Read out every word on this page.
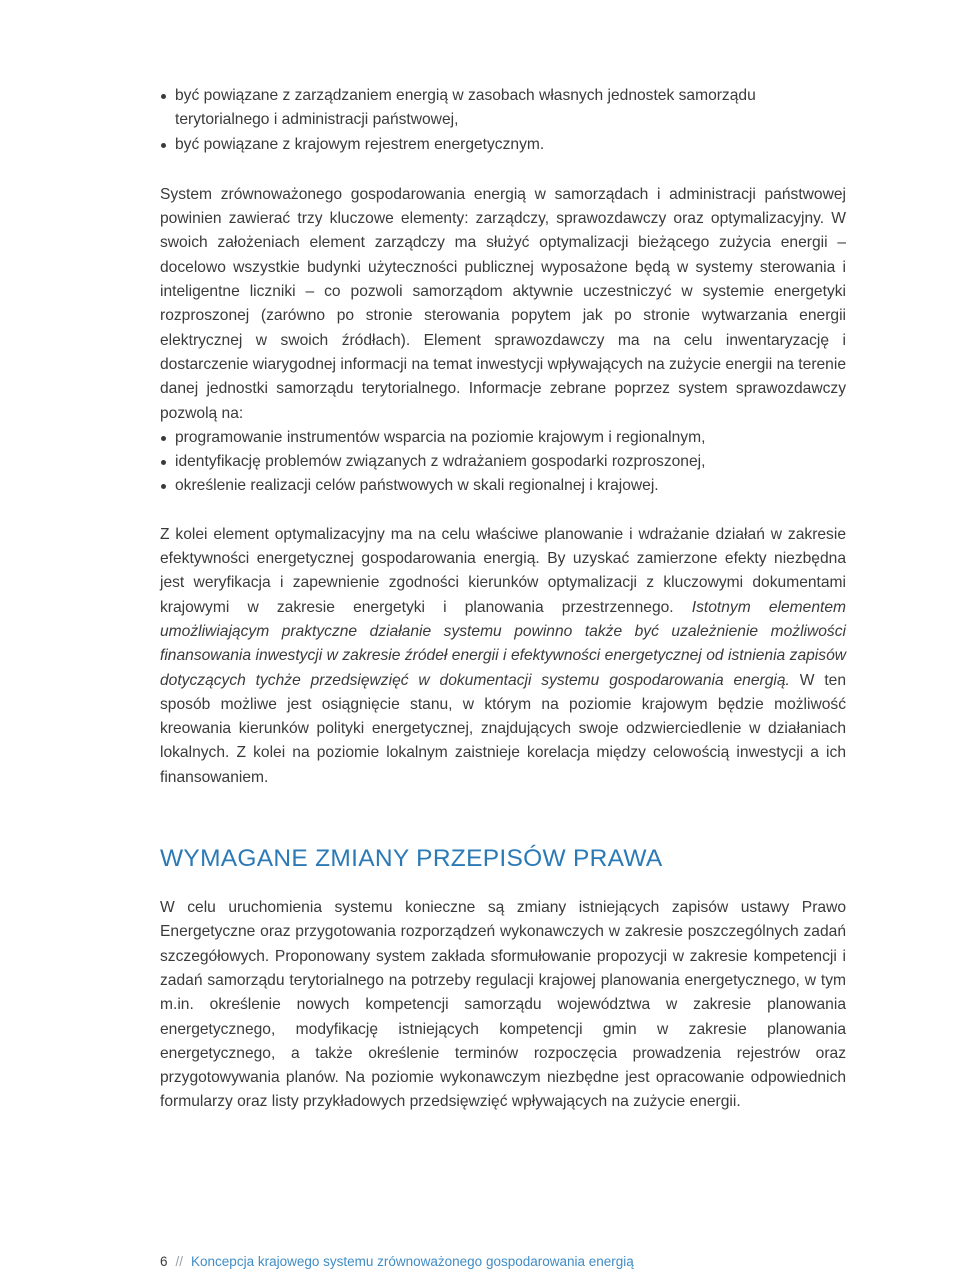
być powiązane z zarządzaniem energią w zasobach własnych jednostek samorządu terytorialnego i administracji państwowej,
być powiązane z krajowym rejestrem energetycznym.

System zrównoważonego gospodarowania energią w samorządach i administracji państwowej powinien zawierać trzy kluczowe elementy: zarządczy, sprawozdawczy oraz optymalizacyjny. W swoich założeniach element zarządczy ma służyć optymalizacji bieżącego zużycia energii – docelowo wszystkie budynki użyteczności publicznej wyposażone będą w systemy sterowania i inteligentne liczniki – co pozwoli samorządom aktywnie uczestniczyć w systemie energetyki rozproszonej (zarówno po stronie sterowania popytem jak po stronie wytwarzania energii elektrycznej w swoich źródłach). Element sprawozdawczy ma na celu inwentaryzację i dostarczenie wiarygodnej informacji na temat inwestycji wpływających na zużycie energii na terenie danej jednostki samorządu terytorialnego. Informacje zebrane poprzez system sprawozdawczy pozwolą na:

programowanie instrumentów wsparcia na poziomie krajowym i regionalnym,
identyfikację problemów związanych z wdrażaniem gospodarki rozproszonej,
określenie realizacji celów państwowych w skali regionalnej i krajowej.

Z kolei element optymalizacyjny ma na celu właściwe planowanie i wdrażanie działań w zakresie efektywności energetycznej gospodarowania energią. By uzyskać zamierzone efekty niezbędna jest weryfikacja i zapewnienie zgodności kierunków optymalizacji z kluczowymi dokumentami krajowymi w zakresie energetyki i planowania przestrzennego. Istotnym elementem umożliwiającym praktyczne działanie systemu powinno także być uzależnienie możliwości finansowania inwestycji w zakresie źródeł energii i efektywności energetycznej od istnienia zapisów dotyczących tychże przedsięwzięć w dokumentacji systemu gospodarowania energią. W ten sposób możliwe jest osiągnięcie stanu, w którym na poziomie krajowym będzie możliwość kreowania kierunków polityki energetycznej, znajdujących swoje odzwierciedlenie w działaniach lokalnych. Z kolei na poziomie lokalnym zaistnieje korelacja między celowością inwestycji a ich finansowaniem.

WYMAGANE ZMIANY PRZEPISÓW PRAWA

W celu uruchomienia systemu konieczne są zmiany istniejących zapisów ustawy Prawo Energetyczne oraz przygotowania rozporządzeń wykonawczych w zakresie poszczególnych zadań szczegółowych. Proponowany system zakłada sformułowanie propozycji w zakresie kompetencji i zadań samorządu terytorialnego na potrzeby regulacji krajowej planowania energetycznego, w tym m.in. określenie nowych kompetencji samorządu województwa w zakresie planowania energetycznego, modyfikację istniejących kompetencji gmin w zakresie planowania energetycznego, a także określenie terminów rozpoczęcia prowadzenia rejestrów oraz przygotowywania planów. Na poziomie wykonawczym niezbędne jest opracowanie odpowiednich formularzy oraz listy przykładowych przedsięwzięć wpływających na zużycie energii.

6 // Koncepcja krajowego systemu zrównoważonego gospodarowania energią
